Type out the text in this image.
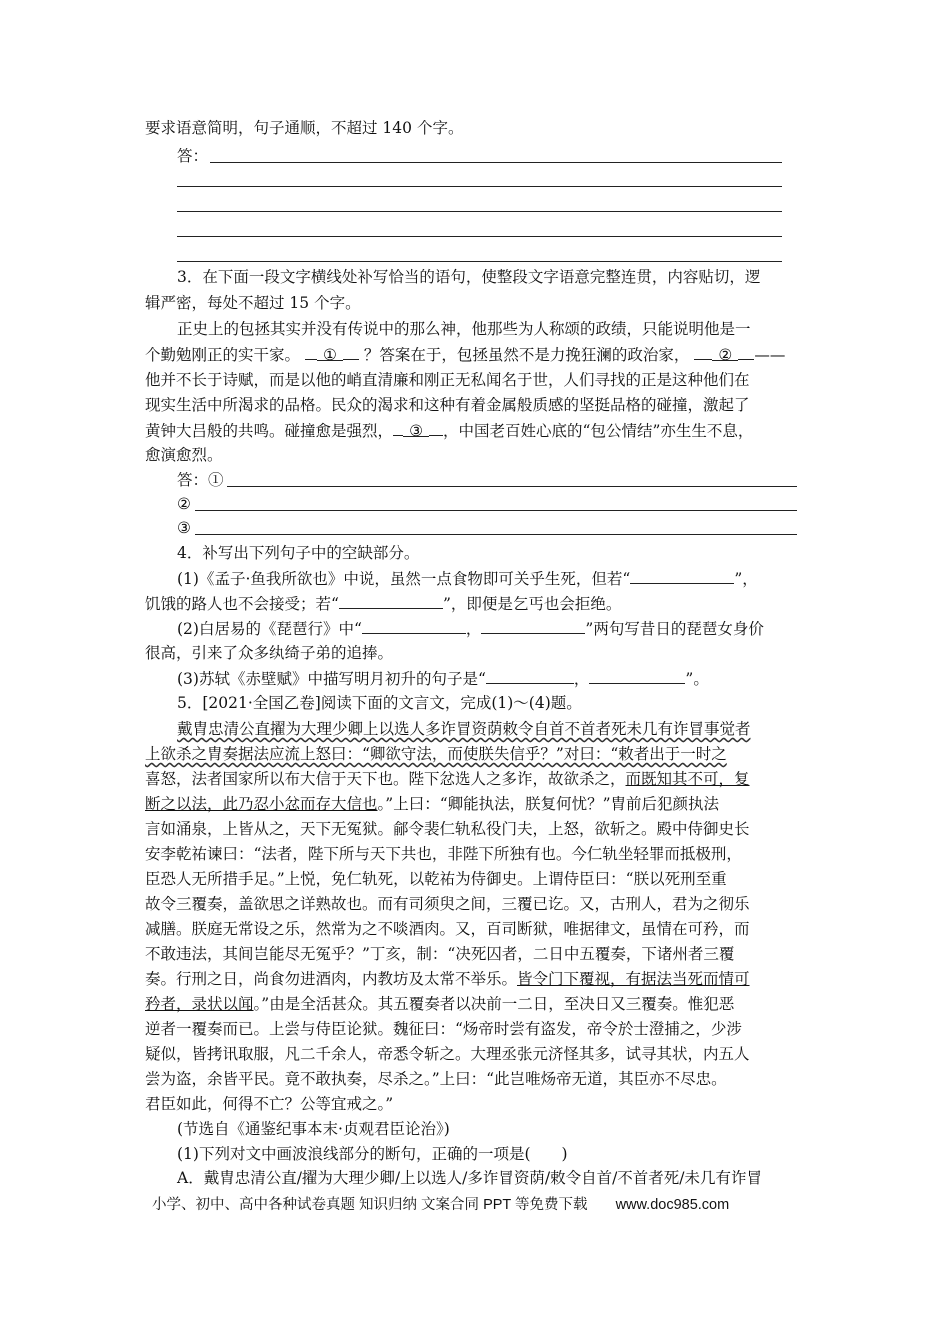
要求语意简明，句子通顺，不超过 140 个字。
答：
3．在下面一段文字横线处补写恰当的语句，使整段文字语意完整连贯，内容贴切，逻
辑严密，每处不超过 15 个字。
正史上的包拯其实并没有传说中的那么神，他那些为人称颂的政绩，只能说明他是一
个勤勉刚正的实干家。 ① ？答案在于，包拯虽然不是力挽狂澜的政治家， ② ——
他并不长于诗赋，而是以他的峭直清廉和刚正无私闻名于世，人们寻找的正是这种他们在
现实生活中所渴求的品格。民众的渴求和这种有着金属般质感的坚挺品格的碰撞，激起了
黄钟大吕般的共鸣。碰撞愈是强烈， ③ ，中国老百姓心底的“包公情结”亦生生不息，
愈演愈烈。
答：①
②
③
4．补写出下列句子中的空缺部分。
(1)《孟子·鱼我所欲也》中说，虽然一点食物即可关乎生死，但若“	”，
饥饿的路人也不会接受；若“	”，即便是乞丐也会拒绝。
(2)白居易的《琵琶行》中“	，	”两句写昔日的琵琶女身价
很高，引来了众多纨绮子弟的追捧。
(3)苏轼《赤壁赋》中描写明月初升的句子是“	，	”。
5．[2021·全国乙卷]阅读下面的文言文，完成(1)～(4)题。
戴胄忠清公直擢为大理少卿上以选人多诈冒资荫敕令自首不首者死未几有诈冒事觉者
上欲杀之胄奏据法应流上怒曰：“卿欲守法，而使朕失信乎？”对曰：“敕者出于一时之
喜怒，法者国家所以布大信于天下也。陛下忿选人之多诈，故欲杀之，而既知其不可，复
断之以法，此乃忍小忿而存大信也。”上曰：“卿能执法，朕复何忧？”胄前后犯颜执法
言如涌泉，上皆从之，天下无冤狱。鄃令裴仁轨私役门夫，上怒，欲斩之。殿中侍御史长
安李乾祐谏曰：“法者，陛下所与天下共也，非陛下所独有也。今仁轨坐轻罪而抵极刑，
臣恐人无所措手足。”上悦，免仁轨死，以乾祐为侍御史。上谓侍臣曰：“朕以死刑至重
故令三覆奏，盖欲思之详熟故也。而有司须臾之间，三覆已讫。又，古刑人，君为之彻乐
减膳。朕庭无常设之乐，然常为之不啖酒肉。又，百司断狱，唯据律文，虽情在可矜，而
不敢违法，其间岂能尽无冤乎？”丁亥，制：“决死囚者，二日中五覆奏，下诸州者三覆
奏。行刑之日，尚食勿进酒肉，内教坊及太常不举乐。皆令门下覆视，有据法当死而情可
矜者，录状以闻。”由是全活甚众。其五覆奏者以决前一二日，至决日又三覆奏。惟犯恶
逆者一覆奏而已。上尝与侍臣论狱。魏征曰：“炀帝时尝有盗发，帝令於士澄捕之，少涉
疑似，皆拷讯取服，凡二千余人，帝悉令斩之。大理丞张元济怪其多，试寻其状，内五人
尝为盗，余皆平民。竟不敢执奏，尽杀之。”上曰：“此岂唯炀帝无道，其臣亦不尽忠。
君臣如此，何得不亡？公等宜戒之。”
(节选自《通鉴纪事本末·贞观君臣论治》)
(1)下列对文中画波浪线部分的断句，正确的一项是(　　)
A．戴胄忠清公直/擢为大理少卿/上以选人/多诈冒资荫/敕令自首/不首者死/未几有诈冒
小学、初中、高中各种试卷真题 知识归纳 文案合同 PPT 等免费下载 www.doc985.com
